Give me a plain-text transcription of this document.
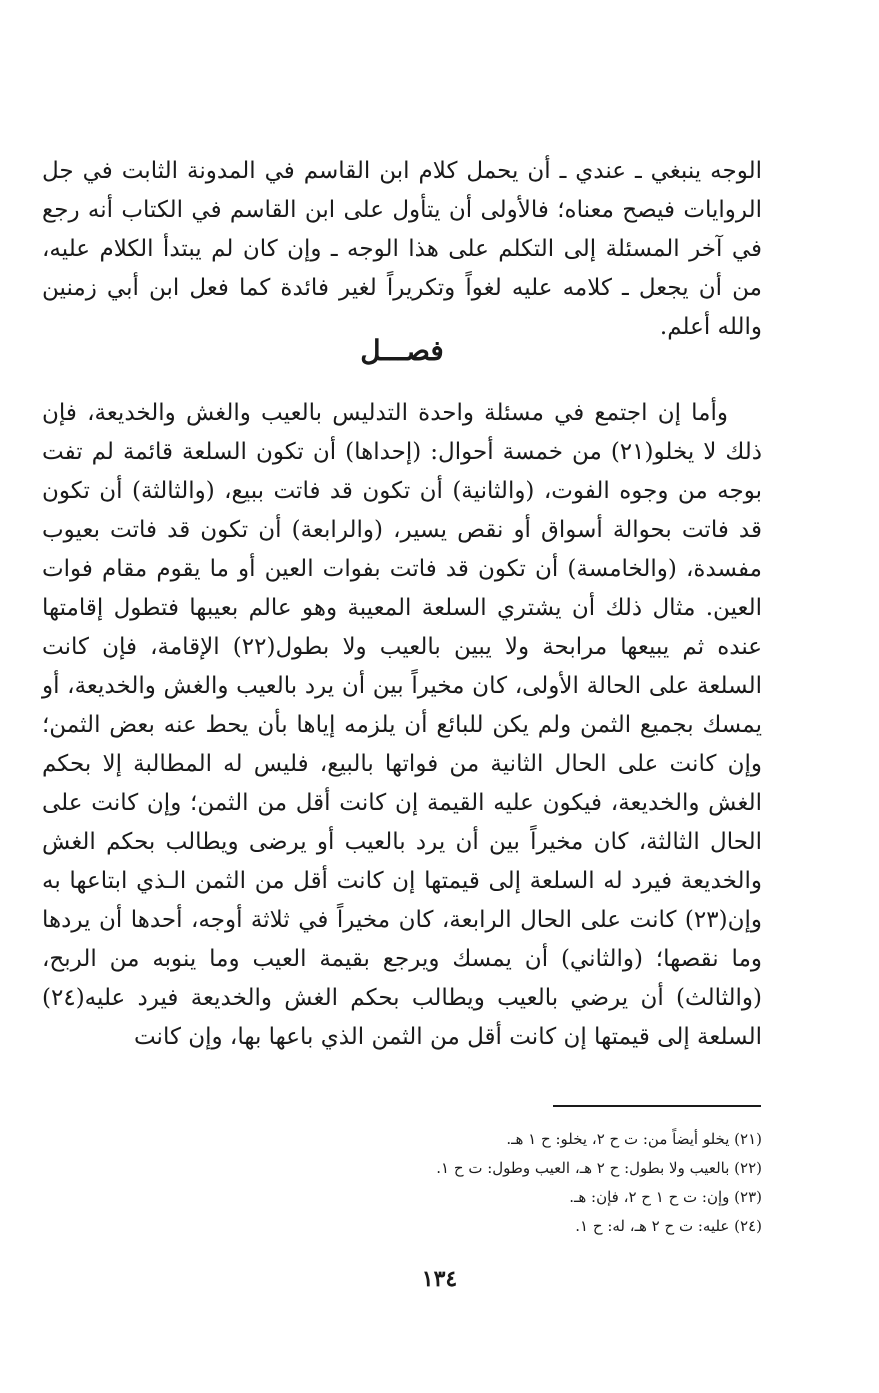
الوجه ينبغي ـ عندي ـ أن يحمل كلام ابن القاسم في المدونة الثابت في جل الروايات فيصح معناه؛ فالأولى أن يتأول على ابن القاسم في الكتاب أنه رجع في آخر المسئلة إلى التكلم على هذا الوجه ـ وإن كان لم يبتدأ الكلام عليه، من أن يجعل ـ كلامه عليه لغواً وتكريراً لغير فائدة كما فعل ابن أبي زمنين والله أعلم.

فصـــل

وأما إن اجتمع في مسئلة واحدة التدليس بالعيب والغش والخديعة، فإن ذلك لا يخلو(٢١) من خمسة أحوال: (إحداها) أن تكون السلعة قائمة لم تفت بوجه من وجوه الفوت، (والثانية) أن تكون قد فاتت ببيع، (والثالثة) أن تكون قد فاتت بحوالة أسواق أو نقص يسير، (والرابعة) أن تكون قد فاتت بعيوب مفسدة، (والخامسة) أن تكون قد فاتت بفوات العين أو ما يقوم مقام فوات العين. مثال ذلك أن يشتري السلعة المعيبة وهو عالم بعيبها فتطول إقامتها عنده ثم يبيعها مرابحة ولا يبين بالعيب ولا بطول(٢٢) الإقامة، فإن كانت السلعة على الحالة الأولى، كان مخيراً بين أن يرد بالعيب والغش والخديعة، أو يمسك بجميع الثمن ولم يكن للبائع أن يلزمه إياها بأن يحط عنه بعض الثمن؛ وإن كانت على الحال الثانية من فواتها بالبيع، فليس له المطالبة إلا بحكم الغش والخديعة، فيكون عليه القيمة إن كانت أقل من الثمن؛ وإن كانت على الحال الثالثة، كان مخيراً بين أن يرد بالعيب أو يرضى ويطالب بحكم الغش والخديعة فيرد له السلعة إلى قيمتها إن كانت أقل من الثمن الـذي ابتاعها به وإن(٢٣) كانت على الحال الرابعة، كان مخيراً في ثلاثة أوجه، أحدها أن يردها وما نقصها؛ (والثاني) أن يمسك ويرجع بقيمة العيب وما ينوبه من الربح، (والثالث) أن يرضي بالعيب ويطالب بحكم الغش والخديعة فيرد عليه(٢٤) السلعة إلى قيمتها إن كانت أقل من الثمن الذي باعها بها، وإن كانت

(٢١) يخلو أيضاً من: ت ح ٢، يخلو: ح ١ هـ.
(٢٢) بالعيب ولا بطول: ح ٢ هـ، العيب وطول: ت ح ١.
(٢٣) وإن: ت ح ١ ح ٢، فإن: هـ.
(٢٤) عليه: ت ح ٢ هـ، له: ح ١.
١٣٤
